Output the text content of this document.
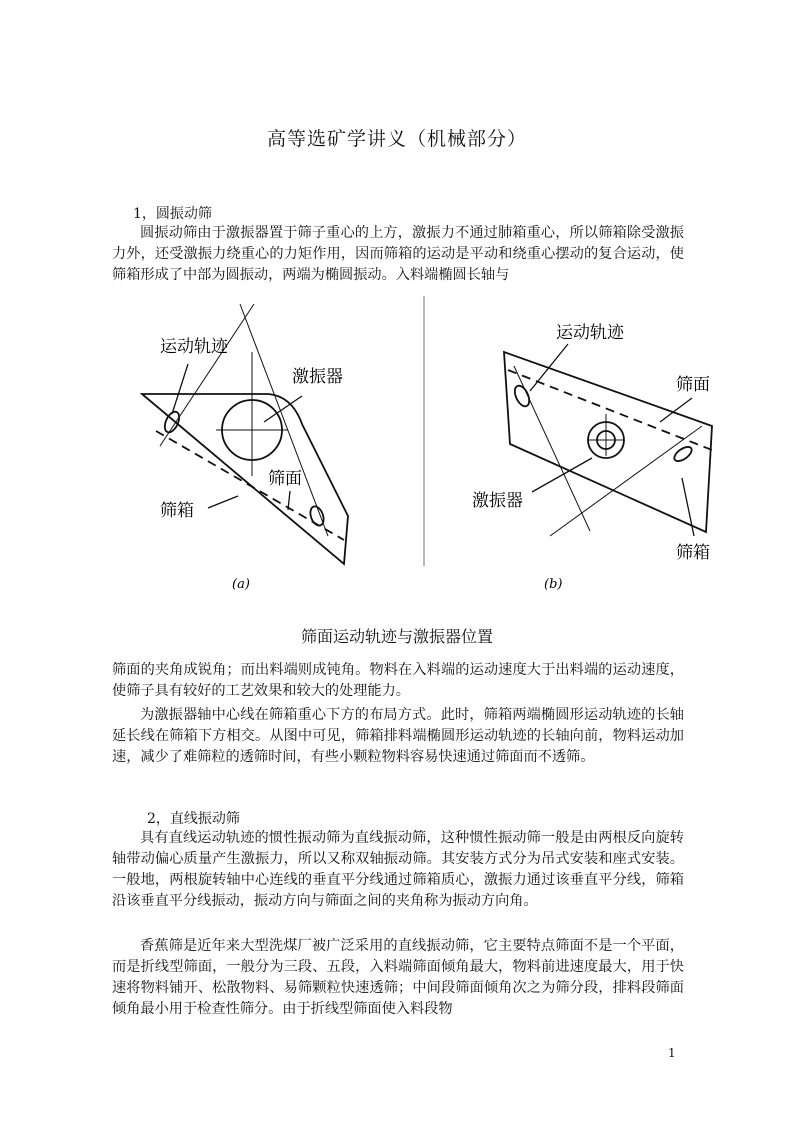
高等选矿学讲义（机械部分）
1，圆振动筛
圆振动筛由于激振器置于筛子重心的上方，激振力不通过肺箱重心，所以筛箱除受激振力外，还受激振力绕重心的力矩作用，因而筛箱的运动是平动和绕重心摆动的复合运动，使筛箱形成了中部为圆振动，两端为椭圆振动。入料端椭圆长轴与
运动轨迹
激振器
筛面
筛箱
(a)
运动轨迹
筛面
激振器
筛箱
(b)
筛面运动轨迹与激振器位置
筛面的夹角成锐角；而出料端则成钝角。物料在入料端的运动速度大于出料端的运动速度，使筛子具有较好的工艺效果和较大的处理能力。
为激振器轴中心线在筛箱重心下方的布局方式。此时，筛箱两端椭圆形运动轨迹的长轴延长线在筛箱下方相交。从图中可见，筛箱排料端椭圆形运动轨迹的长轴向前，物料运动加速，减少了难筛粒的透筛时间，有些小颗粒物料容易快速通过筛面而不透筛。
2，直线振动筛
具有直线运动轨迹的惯性振动筛为直线振动筛，这种惯性振动筛一般是由两根反向旋转轴带动偏心质量产生激振力，所以又称双轴振动筛。其安装方式分为吊式安装和座式安装。一般地，两根旋转轴中心连线的垂直平分线通过筛箱质心，激振力通过该垂直平分线，筛箱沿该垂直平分线振动，振动方向与筛面之间的夹角称为振动方向角。
香蕉筛是近年来大型洗煤厂被广泛采用的直线振动筛，它主要特点筛面不是一个平面，而是折线型筛面，一般分为三段、五段，入料端筛面倾角最大，物料前进速度最大，用于快速将物料铺开、松散物料、易筛颗粒快速透筛；中间段筛面倾角次之为筛分段，排料段筛面倾角最小用于检查性筛分。由于折线型筛面使入料段物
1
